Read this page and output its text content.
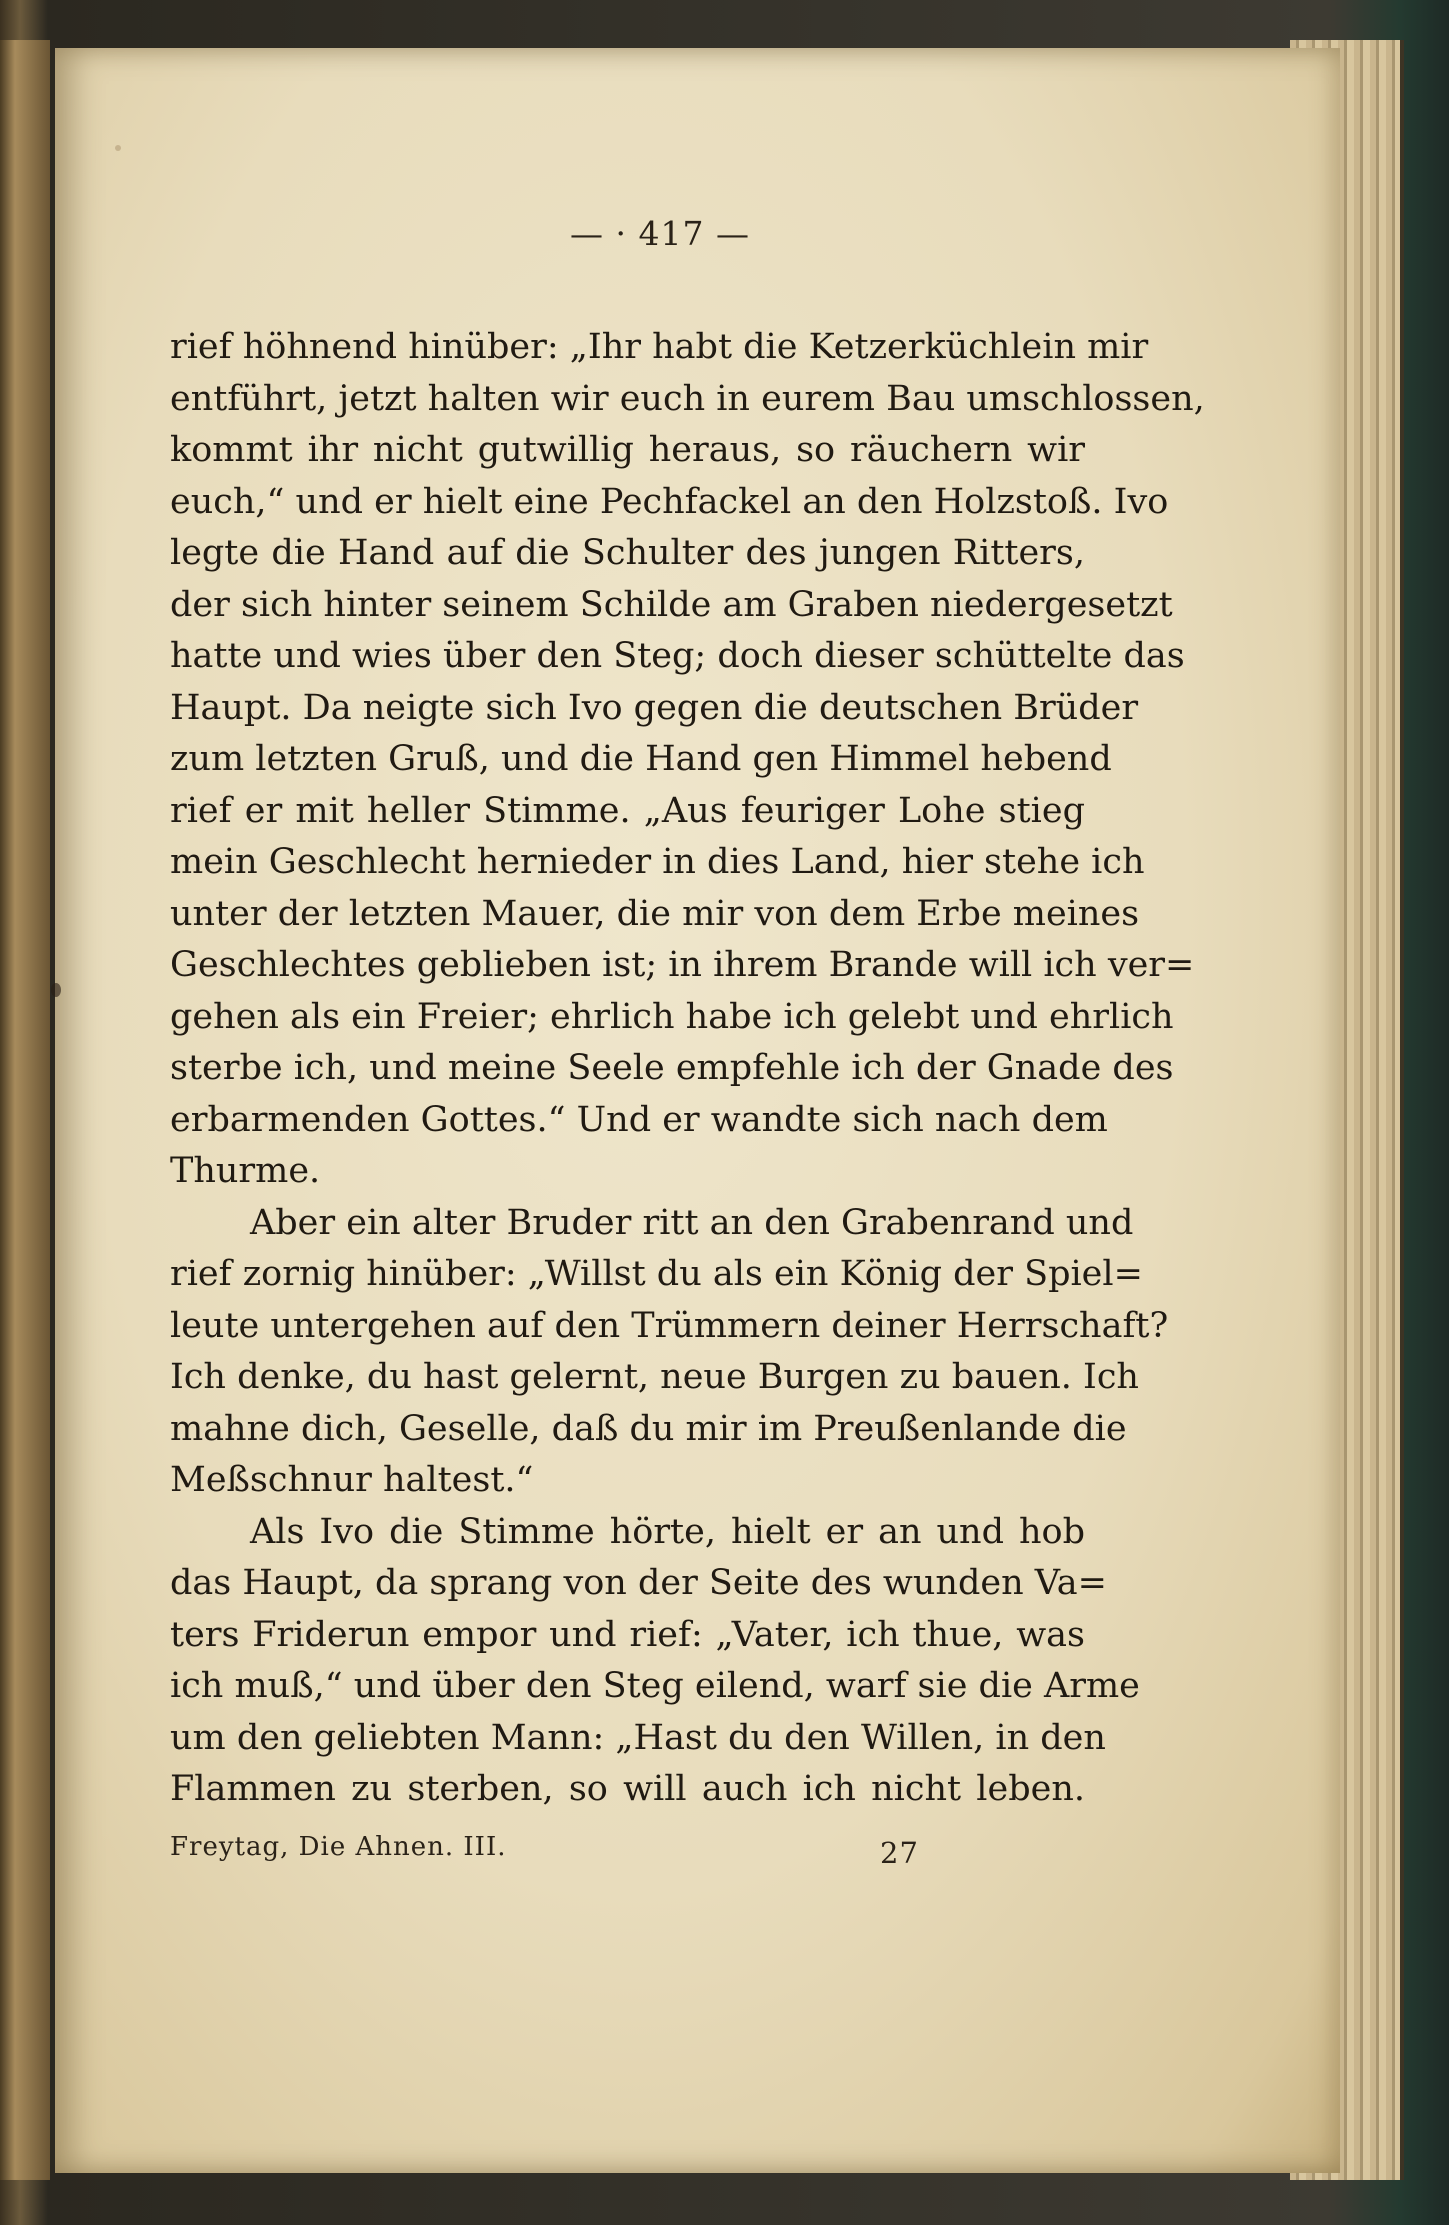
— · 417 —
rief höhnend hinüber: „Ihr habt die Ketzerküchlein mir
entführt, jetzt halten wir euch in eurem Bau umschlossen,
kommt ihr nicht gutwillig heraus, so räuchern wir
euch,“ und er hielt eine Pechfackel an den Holzstoß. Ivo
legte die Hand auf die Schulter des jungen Ritters,
der sich hinter seinem Schilde am Graben niedergesetzt
hatte und wies über den Steg; doch dieser schüttelte das
Haupt. Da neigte sich Ivo gegen die deutschen Brüder
zum letzten Gruß, und die Hand gen Himmel hebend
rief er mit heller Stimme. „Aus feuriger Lohe stieg
mein Geschlecht hernieder in dies Land, hier stehe ich
unter der letzten Mauer, die mir von dem Erbe meines
Geschlechtes geblieben ist; in ihrem Brande will ich ver=
gehen als ein Freier; ehrlich habe ich gelebt und ehrlich
sterbe ich, und meine Seele empfehle ich der Gnade des
erbarmenden Gottes.“ Und er wandte sich nach dem
Thurme.
Aber ein alter Bruder ritt an den Grabenrand und
rief zornig hinüber: „Willst du als ein König der Spiel=
leute untergehen auf den Trümmern deiner Herrschaft?
Ich denke, du hast gelernt, neue Burgen zu bauen. Ich
mahne dich, Geselle, daß du mir im Preußenlande die
Meßschnur haltest.“
Als Ivo die Stimme hörte, hielt er an und hob
das Haupt, da sprang von der Seite des wunden Va=
ters Friderun empor und rief: „Vater, ich thue, was
ich muß,“ und über den Steg eilend, warf sie die Arme
um den geliebten Mann: „Hast du den Willen, in den
Flammen zu sterben, so will auch ich nicht leben.
Freytag, Die Ahnen. III.	27
